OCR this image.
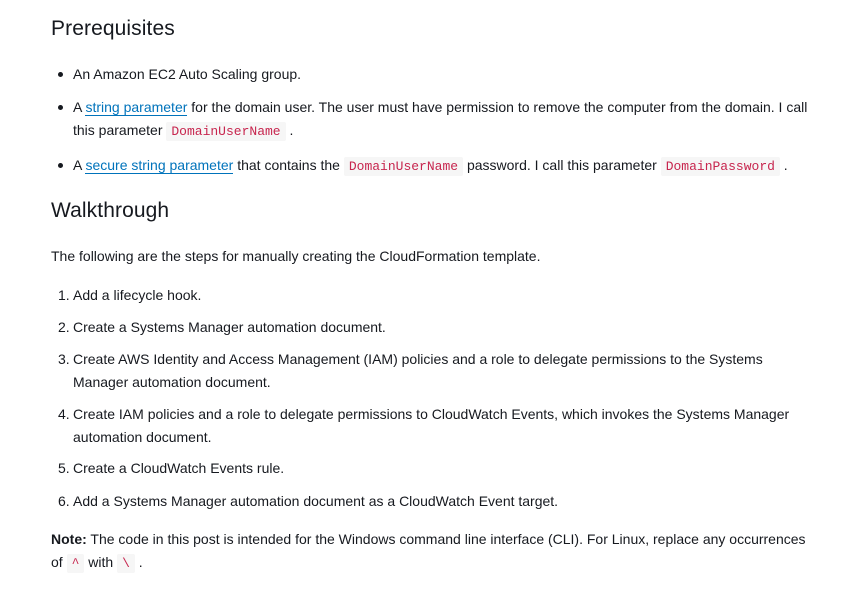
Prerequisites
An Amazon EC2 Auto Scaling group.
A string parameter for the domain user. The user must have permission to remove the computer from the domain. I call this parameter DomainUserName .
A secure string parameter that contains the DomainUserName password. I call this parameter DomainPassword .
Walkthrough

The following are the steps for manually creating the CloudFormation template.

1. Add a lifecycle hook.
2. Create a Systems Manager automation document.
3. Create AWS Identity and Access Management (IAM) policies and a role to delegate permissions to the Systems Manager automation document.
4. Create IAM policies and a role to delegate permissions to CloudWatch Events, which invokes the Systems Manager automation document.
5. Create a CloudWatch Events rule.
6. Add a Systems Manager automation document as a CloudWatch Event target.

Note: The code in this post is intended for the Windows command line interface (CLI). For Linux, replace any occurrences of ^ with \ .
